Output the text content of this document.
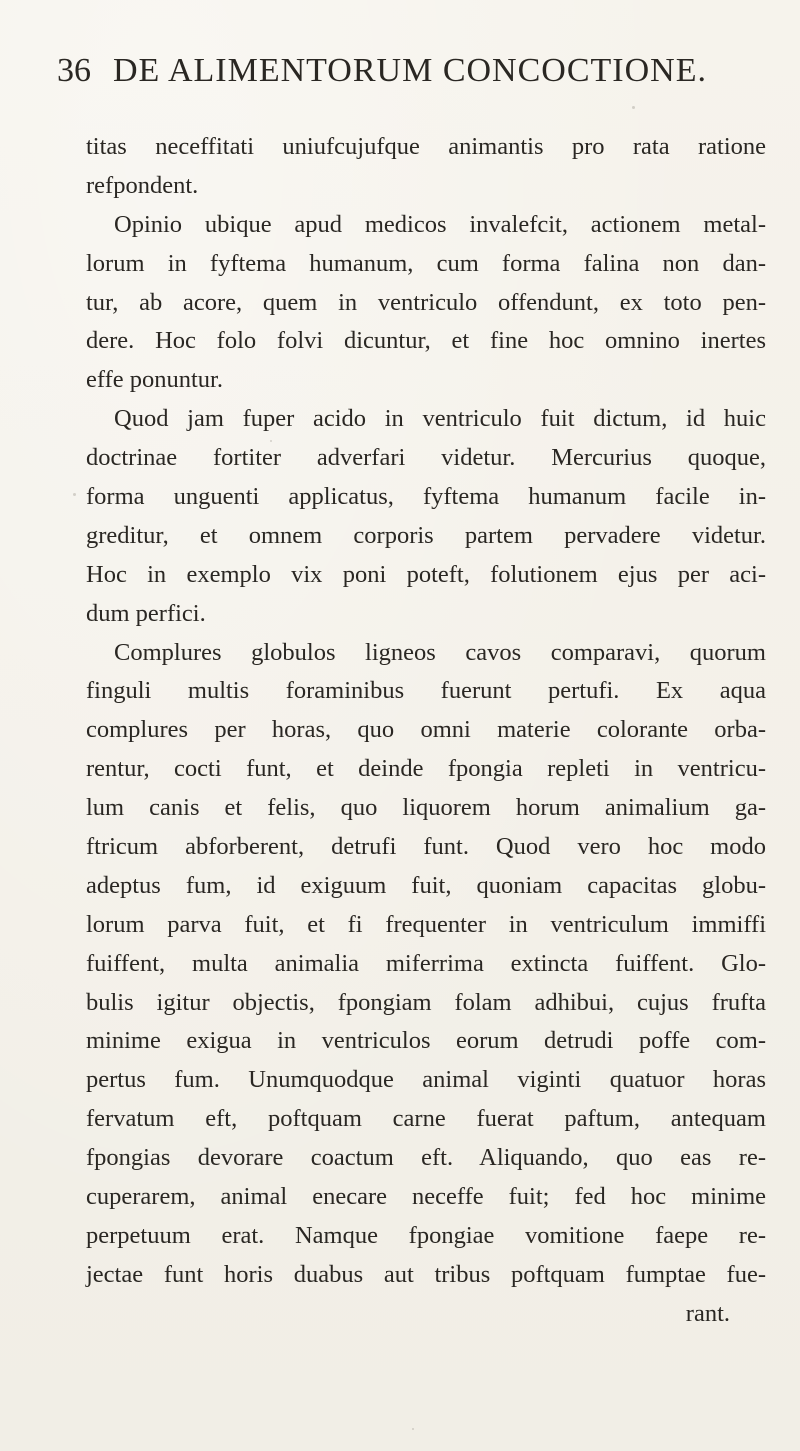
36 DE ALIMENTORUM CONCOCTIONE.
titas neceffitati uniufcujufque animantis pro rata ratione
refpondent.
Opinio ubique apud medicos invalefcit, actionem metal-
lorum in fyftema humanum, cum forma falina non dan-
tur, ab acore, quem in ventriculo offendunt, ex toto pen-
dere. Hoc folo folvi dicuntur, et fine hoc omnino inertes
effe ponuntur.
Quod jam fuper acido in ventriculo fuit dictum, id huic
doctrinae fortiter adverfari videtur. Mercurius quoque,
forma unguenti applicatus, fyftema humanum facile in-
greditur, et omnem corporis partem pervadere videtur.
Hoc in exemplo vix poni poteft, folutionem ejus per aci-
dum perfici.
Complures globulos ligneos cavos comparavi, quorum
finguli multis foraminibus fuerunt pertufi. Ex aqua
complures per horas, quo omni materie colorante orba-
rentur, cocti funt, et deinde fpongia repleti in ventricu-
lum canis et felis, quo liquorem horum animalium ga-
ftricum abforberent, detrufi funt. Quod vero hoc modo
adeptus fum, id exiguum fuit, quoniam capacitas globu-
lorum parva fuit, et fi frequenter in ventriculum immiffi
fuiffent, multa animalia miferrima extincta fuiffent. Glo-
bulis igitur objectis, fpongiam folam adhibui, cujus frufta
minime exigua in ventriculos eorum detrudi poffe com-
pertus fum. Unumquodque animal viginti quatuor horas
fervatum eft, poftquam carne fuerat paftum, antequam
fpongias devorare coactum eft. Aliquando, quo eas re-
cuperarem, animal enecare neceffe fuit; fed hoc minime
perpetuum erat. Namque fpongiae vomitione faepe re-
jectae funt horis duabus aut tribus poftquam fumptae fue-
rant.
